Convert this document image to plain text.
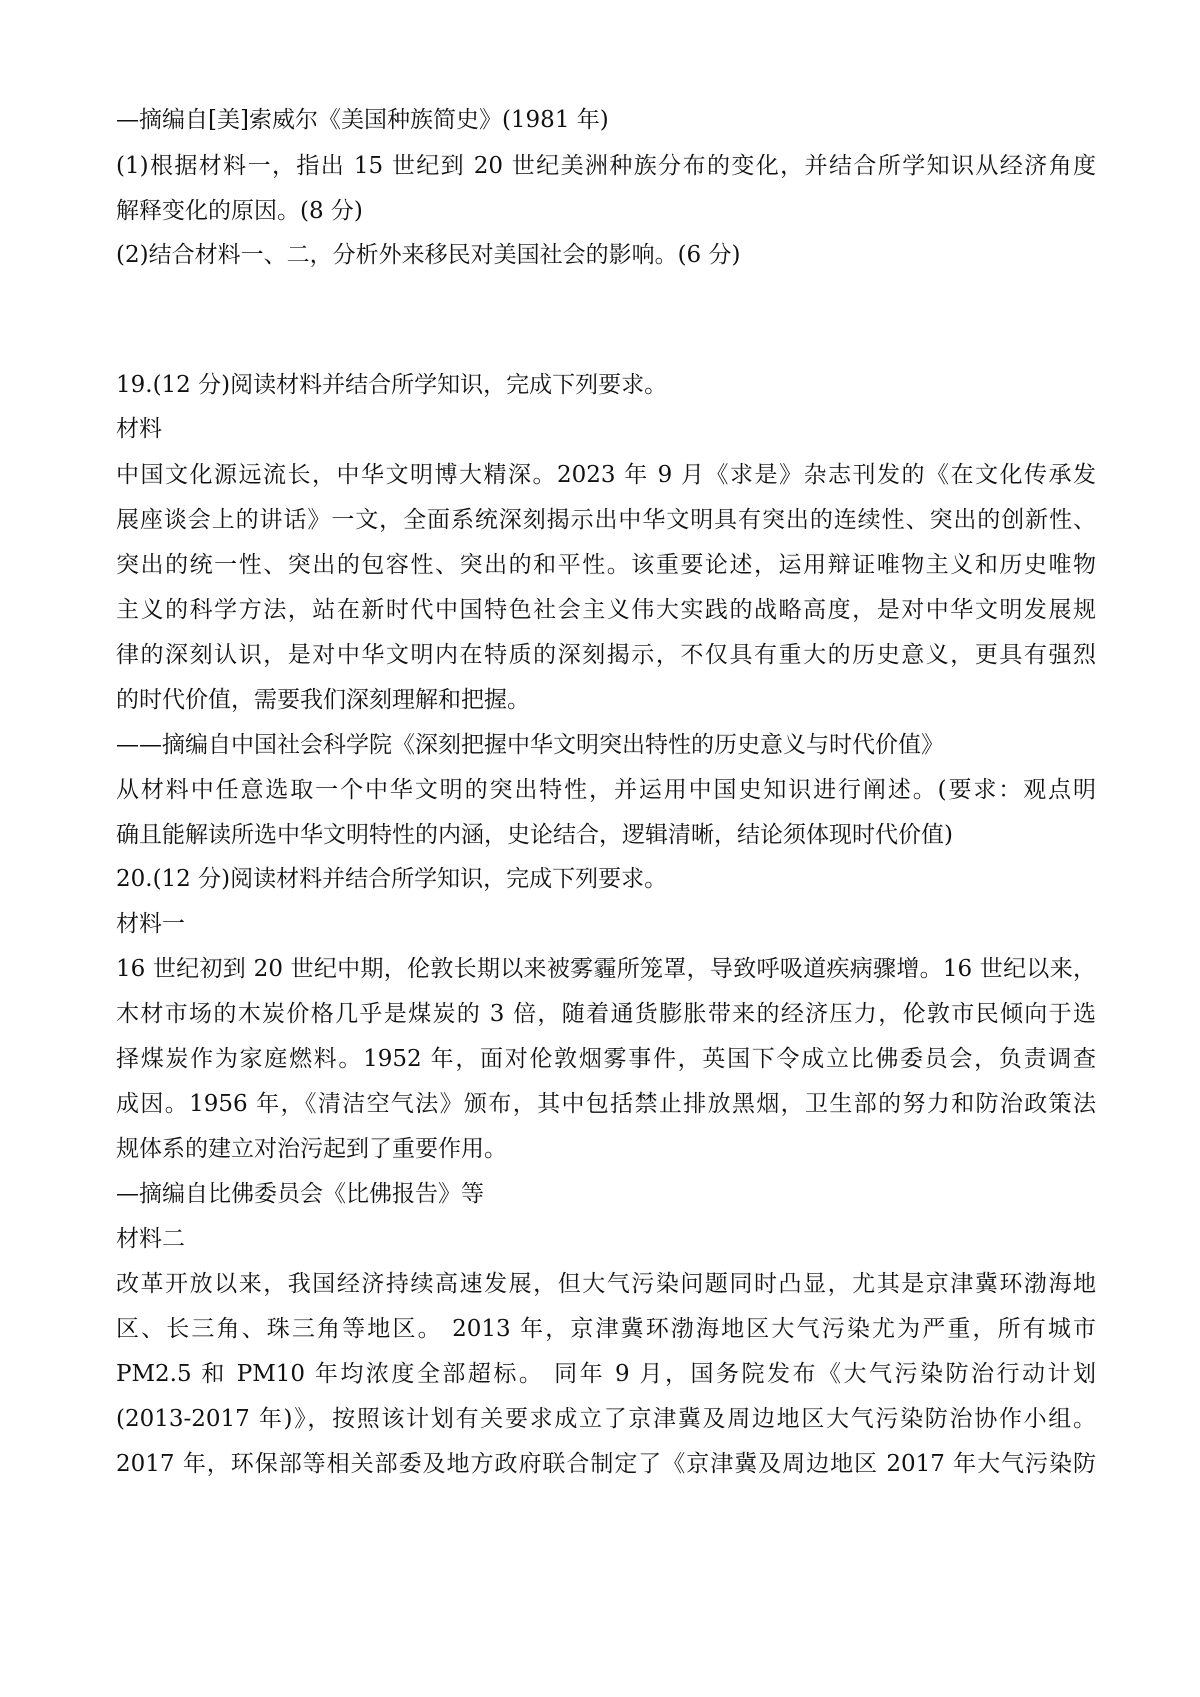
—摘编自[美]索威尔《美国种族简史》(1981 年)
(1)根据材料一，指出 15 世纪到 20 世纪美洲种族分布的变化，并结合所学知识从经济角度
解释变化的原因。(8 分)
(2)结合材料一、二，分析外来移民对美国社会的影响。(6 分)
19.(12 分)阅读材料并结合所学知识，完成下列要求。
材料
中国文化源远流长，中华文明博大精深。2023 年 9 月《求是》杂志刊发的《在文化传承发
展座谈会上的讲话》一文，全面系统深刻揭示出中华文明具有突出的连续性、突出的创新性、
突出的统一性、突出的包容性、突出的和平性。该重要论述，运用辩证唯物主义和历史唯物
主义的科学方法，站在新时代中国特色社会主义伟大实践的战略高度，是对中华文明发展规
律的深刻认识，是对中华文明内在特质的深刻揭示，不仅具有重大的历史意义，更具有强烈
的时代价值，需要我们深刻理解和把握。
——摘编自中国社会科学院《深刻把握中华文明突出特性的历史意义与时代价值》
从材料中任意选取一个中华文明的突出特性，并运用中国史知识进行阐述。(要求：观点明
确且能解读所选中华文明特性的内涵，史论结合，逻辑清晰，结论须体现时代价值)
20.(12 分)阅读材料并结合所学知识，完成下列要求。
材料一
16 世纪初到 20 世纪中期，伦敦长期以来被雾霾所笼罩，导致呼吸道疾病骤增。16 世纪以来，
木材市场的木炭价格几乎是煤炭的 3 倍，随着通货膨胀带来的经济压力，伦敦市民倾向于选
择煤炭作为家庭燃料。1952 年，面对伦敦烟雾事件，英国下令成立比佛委员会，负责调查
成因。1956 年，《清洁空气法》颁布，其中包括禁止排放黑烟，卫生部的努力和防治政策法
规体系的建立对治污起到了重要作用。
—摘编自比佛委员会《比佛报告》等
材料二
改革开放以来，我国经济持续高速发展，但大气污染问题同时凸显，尤其是京津冀环渤海地
区、长三角、珠三角等地区。 2013 年，京津冀环渤海地区大气污染尤为严重，所有城市
PM2.5 和 PM10 年均浓度全部超标。 同年 9 月，国务院发布《大气污染防治行动计划
(2013-2017 年)》，按照该计划有关要求成立了京津冀及周边地区大气污染防治协作小组。
2017 年，环保部等相关部委及地方政府联合制定了《京津冀及周边地区 2017 年大气污染防
